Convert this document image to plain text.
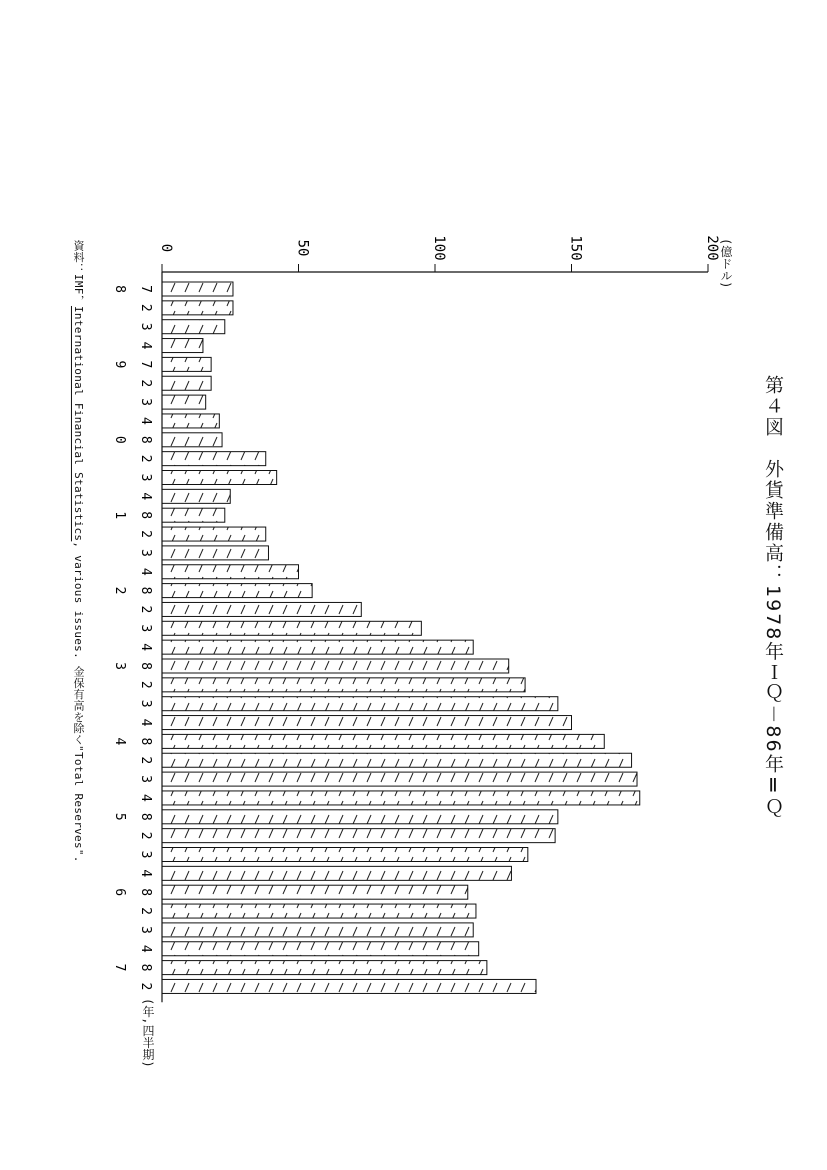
0	50	100	150	200
7
2
3
4
7
2
3
4
8
2
3
4
8
2
3
4
8
2
3
4
8
2
3
4
8
2
3
4
8
2
3
4
8
2
3
4
8
2
8
9
0
1
2
3
4
5
6
7
第４図　外貨準備高：1978年ＩＱ－86年ⅡＱ
(億ドル)
(年,四半期)
資料：IMF，International Financial Statistics, various issues. 金保有高を除く"Total Reserves".
